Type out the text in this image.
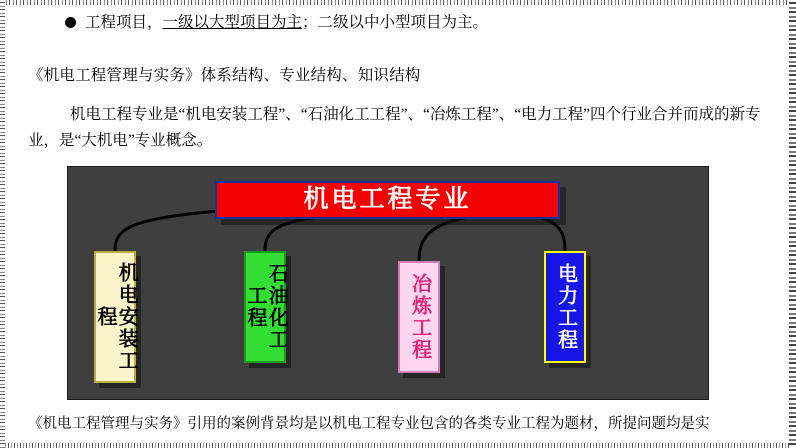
工程项目，一级以大型项目为主；二级以中小型项目为主。
《机电工程管理与实务》体系结构、专业结构、知识结构
机电工程专业是“机电安装工程”、“石油化工工程”、“冶炼工程”、“电力工程”四个行业合并而成的新专业，是“大机电”专业概念。
机电工程专业
机电安装工程	石油化工工程	冶炼工程	电力工程
《机电工程管理与实务》引用的案例背景均是以机电工程专业包含的各类专业工程为题材，所提问题均是实
